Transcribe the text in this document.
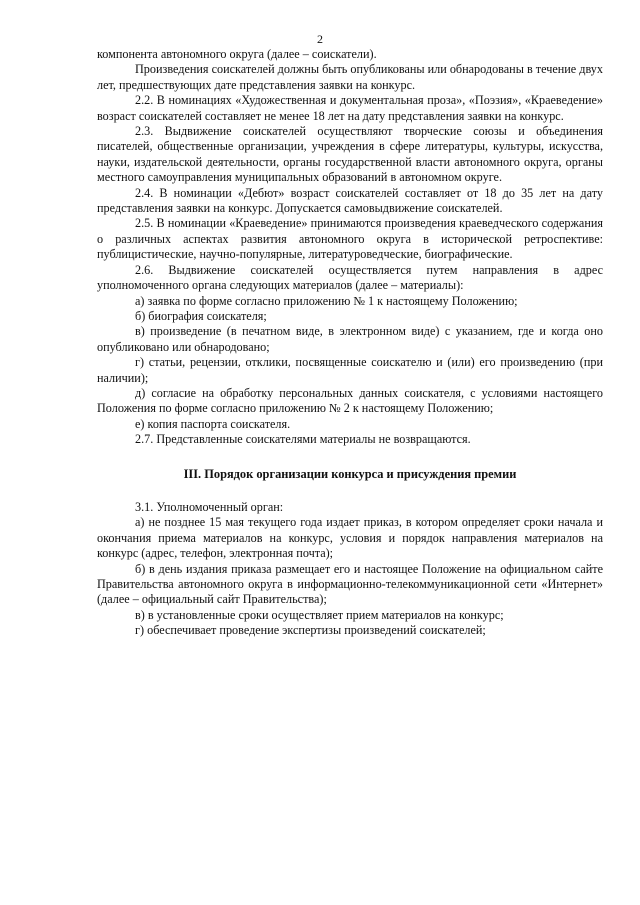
2

компонента автономного округа (далее – соискатели).

Произведения соискателей должны быть опубликованы или обнародованы в течение двух лет, предшествующих дате представления заявки на конкурс.

2.2. В номинациях «Художественная и документальная проза», «Поэзия», «Краеведение» возраст соискателей составляет не менее 18 лет на дату представления заявки на конкурс.

2.3. Выдвижение соискателей осуществляют творческие союзы и объединения писателей, общественные организации, учреждения в сфере литературы, культуры, искусства, науки, издательской деятельности, органы государственной власти автономного округа, органы местного самоуправления муниципальных образований в автономном округе.

2.4. В номинации «Дебют» возраст соискателей составляет от 18 до 35 лет на дату представления заявки на конкурс. Допускается самовыдвижение соискателей.

2.5. В номинации «Краеведение» принимаются произведения краеведческого содержания о различных аспектах развития автономного округа в исторической ретроспективе: публицистические, научно-популярные, литературоведческие, биографические.

2.6. Выдвижение соискателей осуществляется путем направления в адрес уполномоченного органа следующих материалов (далее – материалы):

а) заявка по форме согласно приложению № 1 к настоящему Положению;

б) биография соискателя;

в) произведение (в печатном виде, в электронном виде) с указанием, где и когда оно опубликовано или обнародовано;

г) статьи, рецензии, отклики, посвященные соискателю и (или) его произведению (при наличии);

д) согласие на обработку персональных данных соискателя, с условиями настоящего Положения по форме согласно приложению № 2 к настоящему Положению;

е) копия паспорта соискателя.

2.7. Представленные соискателями материалы не возвращаются.

III. Порядок организации конкурса и присуждения премии

3.1. Уполномоченный орган:

а) не позднее 15 мая текущего года издает приказ, в котором определяет сроки начала и окончания приема материалов на конкурс, условия и порядок направления материалов на конкурс (адрес, телефон, электронная почта);

б) в день издания приказа размещает его и настоящее Положение на официальном сайте Правительства автономного округа в информационно-телекоммуникационной сети «Интернет» (далее – официальный сайт Правительства);

в) в установленные сроки осуществляет прием материалов на конкурс;

г) обеспечивает проведение экспертизы произведений соискателей;
